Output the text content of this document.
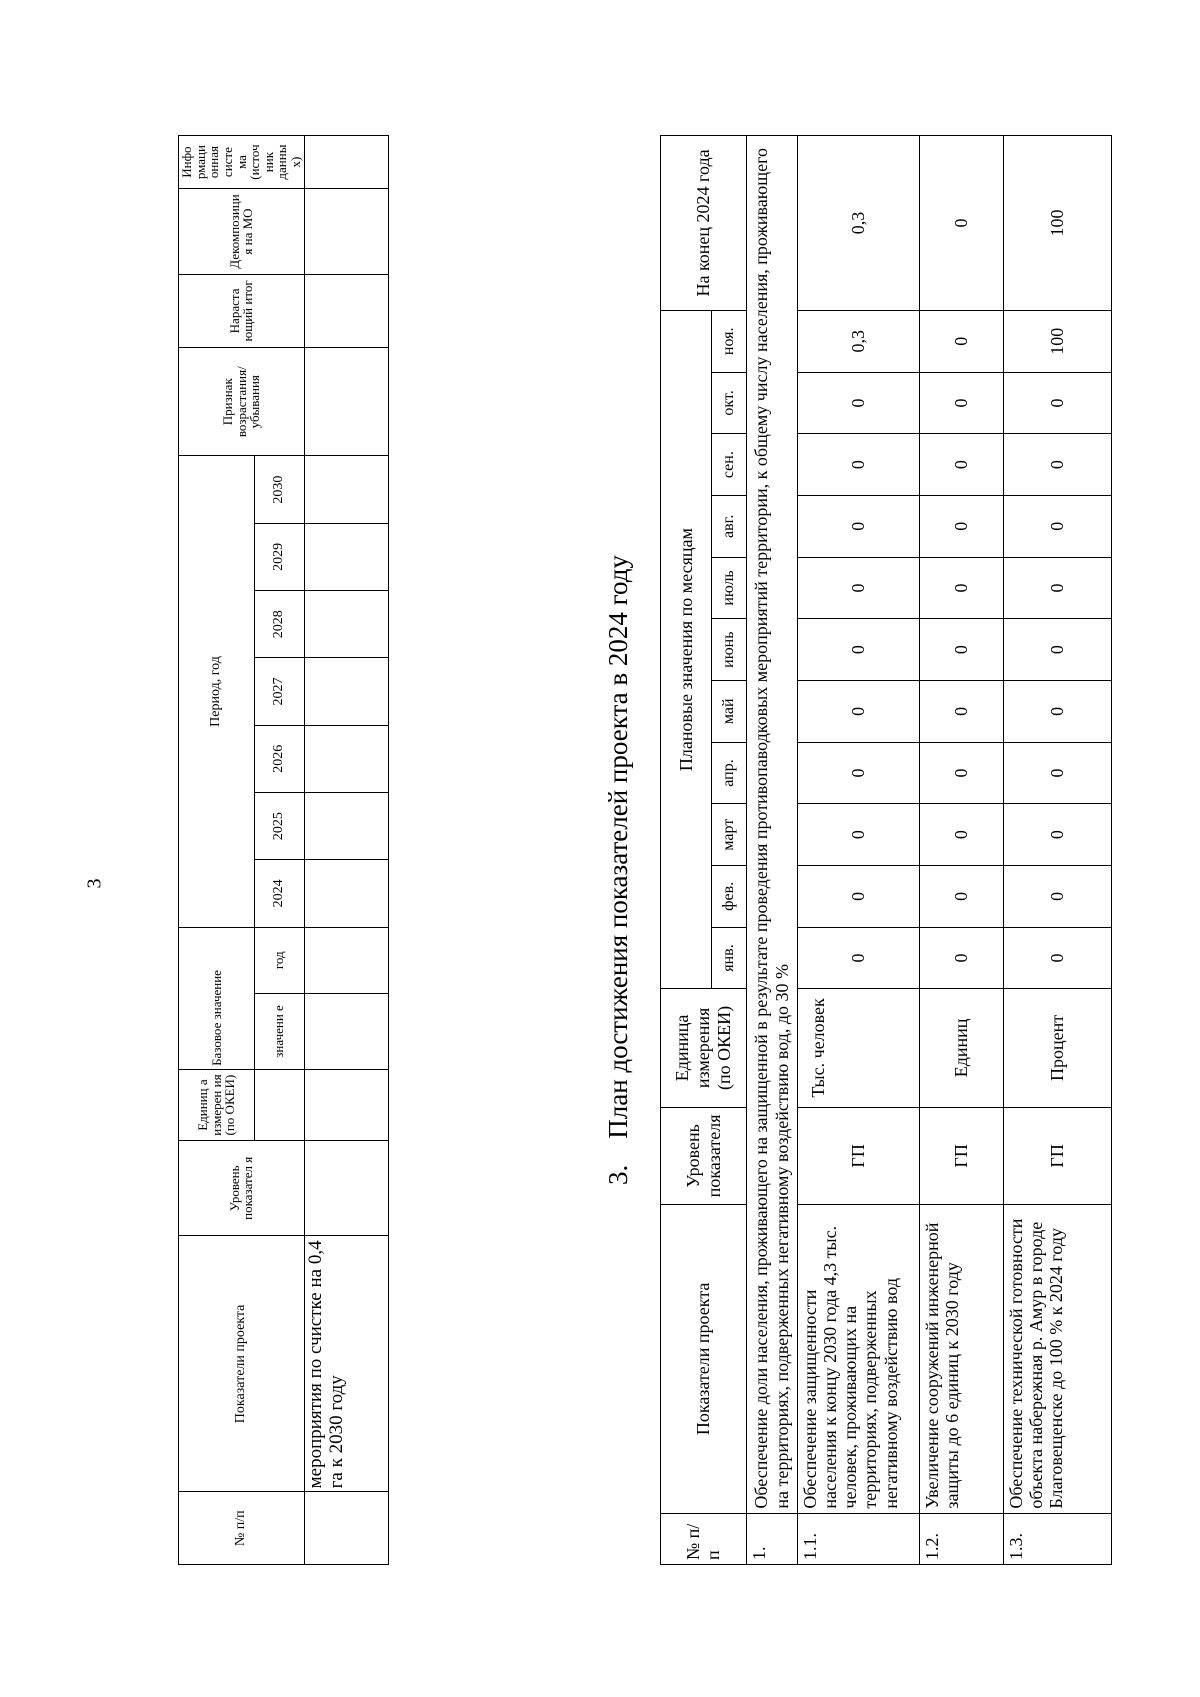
3
№ п/п	Показатели проекта	Уровень показател я	Единиц а измерен ия (по ОКЕИ)	Базовое значение		Период, год							Признак возрастания/ убывания	Нараста ющий итог	Декомпозици я на МО	Инфо рмаци онная систе ма (источ ник данны х)
				значени е	год	2024	2025	2026	2027	2028	2029	2030				
	мероприятия по счистке на 0,4 га к 2030 году															
3.План достижения показателей проекта в 2024 году
№ п/п	Показатели проекта	Уровень показателя	Единица измерения (по ОКЕИ)	Плановые значения по месяцам											На конец 2024 года
				янв.	фев.	март	апр.	май	июнь	июль	авг.	сен.	окт.	ноя.	
1.	Обеспечение доли населения, проживающего на защищенной в результате проведения противопаводковых мероприятий территории, к общему числу населения, проживающего на территориях, подверженных негативному воздействию вод, до 30 %														
1.1.	Обеспечение защищенности населения к концу 2030 года 4,3 тыс. человек, проживающих на территориях, подверженных негативному воздействию вод	ГП	Тыс. человек	0	0	0	0	0	0	0	0	0	0	0,3	0,3
1.2.	Увеличение сооружений инженерной защиты до 6 единиц к 2030 году	ГП	Единиц	0	0	0	0	0	0	0	0	0	0	0	0
1.3.	Обеспечение технической готовности объекта набережная р. Амур в городе Благовещенске до 100 % к 2024 году	ГП	Процент	0	0	0	0	0	0	0	0	0	0	100	100
